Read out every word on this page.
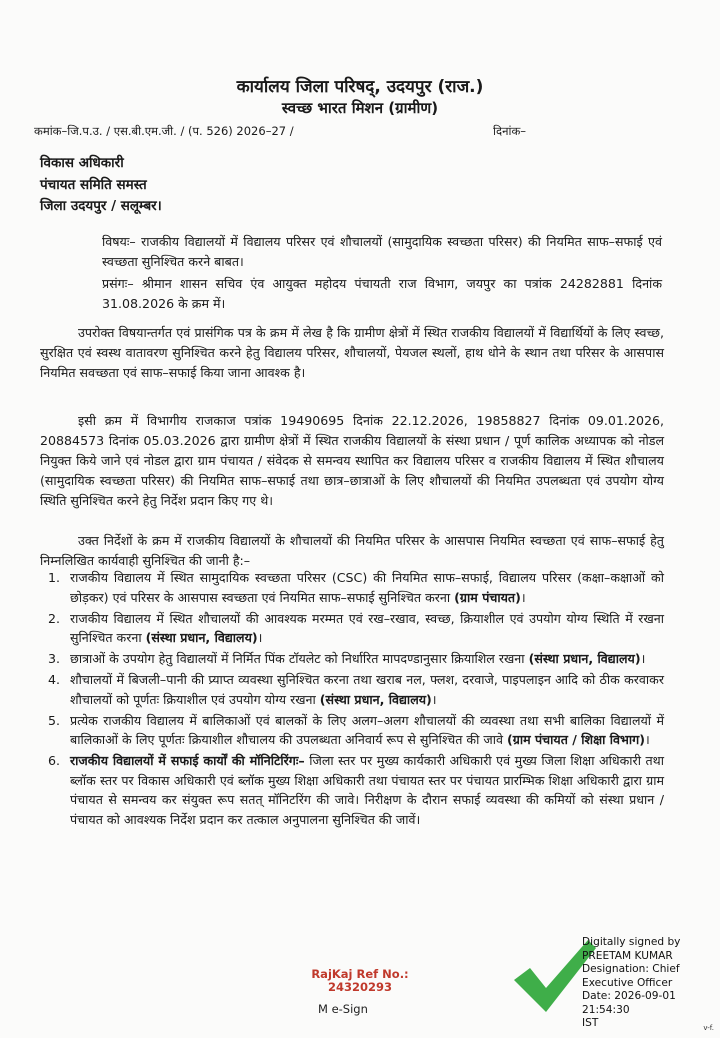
कार्यालय जिला परिषद्, उदयपुर (राज.)
स्वच्छ भारत मिशन (ग्रामीण)
कमांक–जि.प.उ. / एस.बी.एम.जी. / (प. 526) 2026–27 /	दिनांक–
विकास अधिकारी
पंचायत समिति समस्त
जिला उदयपुर / सलूम्बर।
विषयः– राजकीय विद्यालयों में विद्यालय परिसर एवं शौचालयों (सामुदायिक स्वच्छता परिसर) की नियमित साफ–सफाई एवं स्वच्छता सुनिश्चित करने बाबत।
प्रसंगः– श्रीमान शासन सचिव एंव आयुक्त महोदय पंचायती राज विभाग, जयपुर का पत्रांक 24282881 दिनांक 31.08.2026 के क्रम में।
उपरोक्त विषयान्तर्गत एवं प्रासंगिक पत्र के क्रम में लेख है कि ग्रामीण क्षेत्रों में स्थित राजकीय विद्यालयों में विद्यार्थियों के लिए स्वच्छ, सुरक्षित एवं स्वस्थ वातावरण सुनिश्चित करने हेतु विद्यालय परिसर, शौचालयों, पेयजल स्थलों, हाथ धोने के स्थान तथा परिसर के आसपास नियमित सवच्छता एवं साफ–सफाई किया जाना आवश्क है।
इसी क्रम में विभागीय राजकाज पत्रांक 19490695 दिनांक 22.12.2026, 19858827 दिनांक 09.01.2026, 20884573 दिनांक 05.03.2026 द्वारा ग्रामीण क्षेत्रों में स्थित राजकीय विद्यालयों के संस्था प्रधान / पूर्ण कालिक अध्यापक को नोडल नियुक्त किये जाने एवं नोडल द्वारा ग्राम पंचायत / संवेदक से समन्वय स्थापित कर विद्यालय परिसर व राजकीय विद्यालय में स्थित शौचालय (सामुदायिक स्वच्छता परिसर) की नियमित साफ–सफाई तथा छात्र–छात्राओं के लिए शौचालयों की नियमित उपलब्धता एवं उपयोग योग्य स्थिति सुनिश्चित करने हेतु निर्देश प्रदान किए गए थे।
उक्त निर्देशों के क्रम में राजकीय विद्यालयों के शौचालयों की नियमित परिसर के आसपास नियमित स्वच्छता एवं साफ–सफाई हेतु निम्नलिखित कार्यवाही सुनिश्चित की जानी है:–
1. राजकीय विद्यालय में स्थित सामुदायिक स्वच्छता परिसर (CSC) की नियमित साफ–सफाई, विद्यालय परिसर (कक्षा–कक्षाओं को छोड़कर) एवं परिसर के आसपास स्वच्छता एवं नियमित साफ–सफाई सुनिश्चित करना (ग्राम पंचायत)।
2. राजकीय विद्यालय में स्थित शौचालयों की आवश्यक मरम्मत एवं रख–रखाव, स्वच्छ, क्रियाशील एवं उपयोग योग्य स्थिति में रखना सुनिश्चित करना (संस्था प्रधान, विद्यालय)।
3. छात्राओं के उपयोग हेतु विद्यालयों में निर्मित पिंक टॉयलेट को निर्धारित मापदण्डानुसार क्रियाशिल रखना (संस्था प्रधान, विद्यालय)।
4. शौचालयों में बिजली–पानी की प्र्याप्त व्यवस्था सुनिश्चित करना तथा खराब नल, फ्लश, दरवाजे, पाइपलाइन आदि को ठीक करवाकर शौचालयों को पूर्णतः क्रियाशील एवं उपयोग योग्य रखना (संस्था प्रधान, विद्यालय)।
5. प्रत्येक राजकीय विद्यालय में बालिकाओं एवं बालकों के लिए अलग–अलग शौचालयों की व्यवस्था तथा सभी बालिका विद्यालयों में बालिकाओं के लिए पूर्णतः क्रियाशील शौचालय की उपलब्धता अनिवार्य रूप से सुनिश्चित की जावे (ग्राम पंचायत / शिक्षा विभाग)।
6. राजकीय विद्यालयों में सफाई कार्यों की मॉनिटिरिंगः– जिला स्तर पर मुख्य कार्यकारी अधिकारी एवं मुख्य जिला शिक्षा अधिकारी तथा ब्लॉक स्तर पर विकास अधिकारी एवं ब्लॉक मुख्य शिक्षा अधिकारी तथा पंचायत स्तर पर पंचायत प्रारम्भिक शिक्षा अधिकारी द्वारा ग्राम पंचायत से समन्वय कर संयुक्त रूप सतत् मॉनिटरिंग की जावे। निरीक्षण के दौरान सफाई व्यवस्था की कमियों को संस्था प्रधान / पंचायत को आवश्यक निर्देश प्रदान कर तत्काल अनुपालना सुनिश्चित की जावें।
RajKaj Ref No.:
24320293
M e-Sign
Digitally signed by
PREETAM KUMAR
Designation: Chief
Executive Officer
Date: 2026-09-01 21:54:30
IST	v-f.
